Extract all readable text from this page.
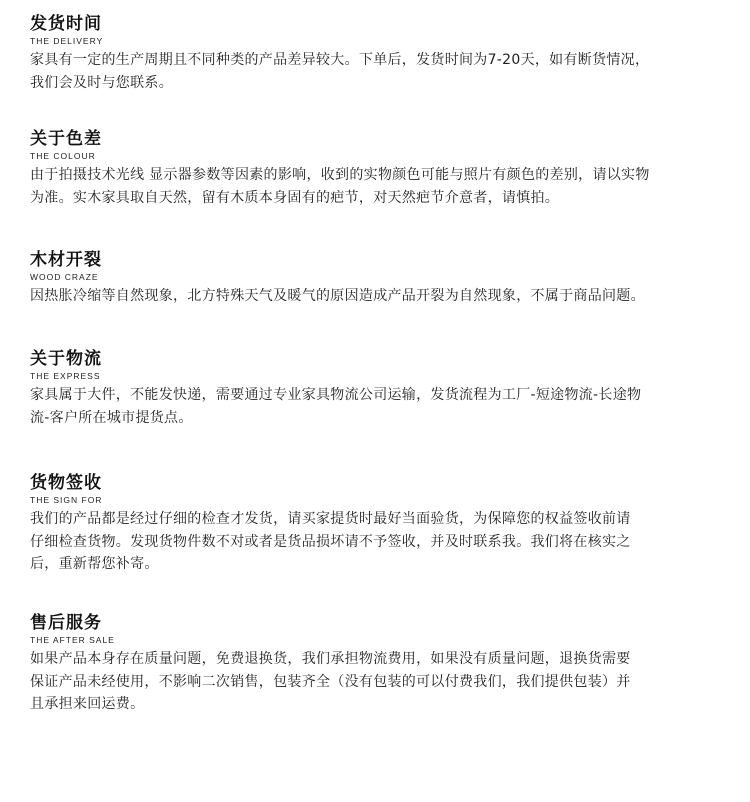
发货时间
THE DELIVERY
家具有一定的生产周期且不同种类的产品差异较大。下单后，发货时间为7-20天，如有断货情况，
我们会及时与您联系。
关于色差
THE COLOUR
由于拍摄技术光线 显示器参数等因素的影响，收到的实物颜色可能与照片有颜色的差别，请以实物
为准。实木家具取自天然，留有木质本身固有的疤节，对天然疤节介意者，请慎拍。
木材开裂
WOOD CRAZE
因热胀冷缩等自然现象，北方特殊天气及暖气的原因造成产品开裂为自然现象，不属于商品问题。
关于物流
THE EXPRESS
家具属于大件，不能发快递，需要通过专业家具物流公司运输，发货流程为工厂-短途物流-长途物
流-客户所在城市提货点。
货物签收
THE SIGN FOR
我们的产品都是经过仔细的检查才发货，请买家提货时最好当面验货，为保障您的权益签收前请
仔细检查货物。发现货物件数不对或者是货品损坏请不予签收，并及时联系我。我们将在核实之
后，重新帮您补寄。
售后服务
THE AFTER SALE
如果产品本身存在质量问题，免费退换货，我们承担物流费用，如果没有质量问题，退换货需要
保证产品未经使用，不影响二次销售，包装齐全（没有包装的可以付费我们，我们提供包装）并
且承担来回运费。
